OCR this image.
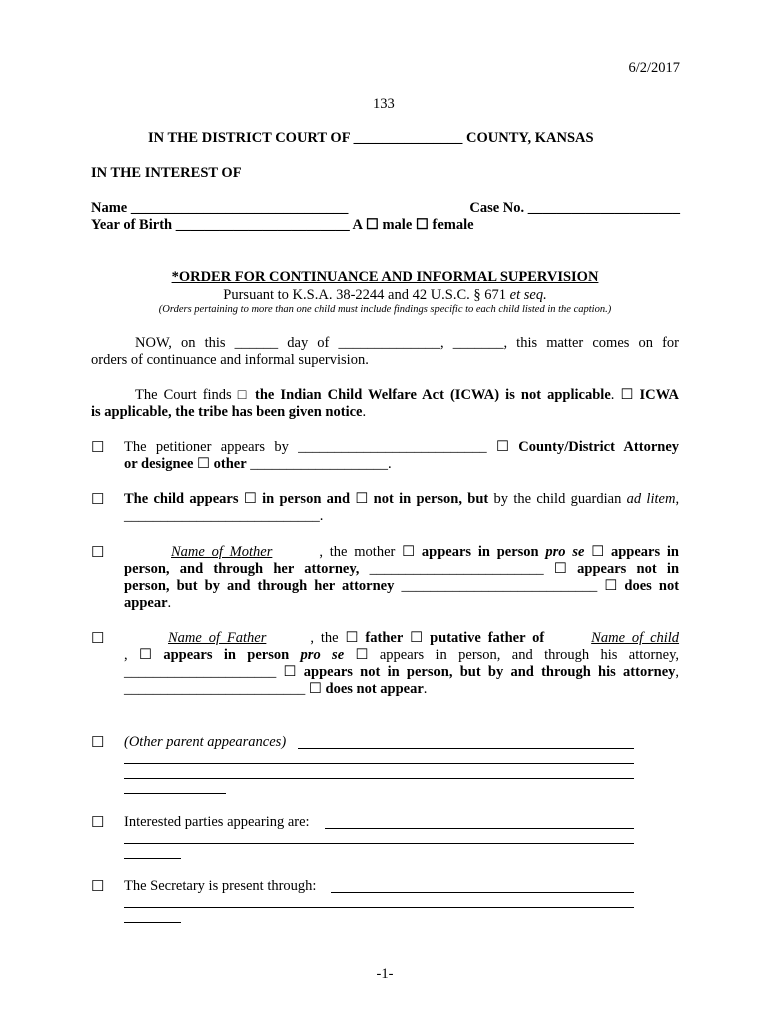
6/2/2017
133
IN THE DISTRICT COURT OF _______________ COUNTY, KANSAS
IN THE INTEREST OF
Name ______________________________	Case No. _____________________
Year of Birth ________________________ A ☐ male ☐ female
*ORDER FOR CONTINUANCE AND INFORMAL SUPERVISION
Pursuant to K.S.A. 38-2244 and 42 U.S.C. § 671 et seq.
(Orders pertaining to more than one child must include findings specific to each child listed in the caption.)
NOW, on this ______ day of ______________, _______, this matter comes on for
orders of continuance and informal supervision.
The Court finds □ the Indian Child Welfare Act (ICWA) is not applicable. ☐ ICWA
is applicable, the tribe has been given notice.
☐ The petitioner appears by __________________________ ☐ County/District Attorney
or designee ☐ other ___________________.
☐ The child appears ☐ in person and ☐ not in person, but by the child guardian ad litem,
___________________________.
☐	Name of Mother	, the mother ☐ appears in person pro se ☐ appears in
person, and through her attorney, ________________________ ☐ appears not in
person, but by and through her attorney ___________________________ ☐ does not
appear.
☐	Name of Father	, the ☐ father ☐ putative father of	Name of child
, ☐ appears in person pro se ☐ appears in person, and through his attorney,
_____________________ ☐ appears not in person, but by and through his attorney,
_________________________ ☐ does not appear.
☐ (Other parent appearances)
☐ Interested parties appearing are:
☐ The Secretary is present through:
-1-
